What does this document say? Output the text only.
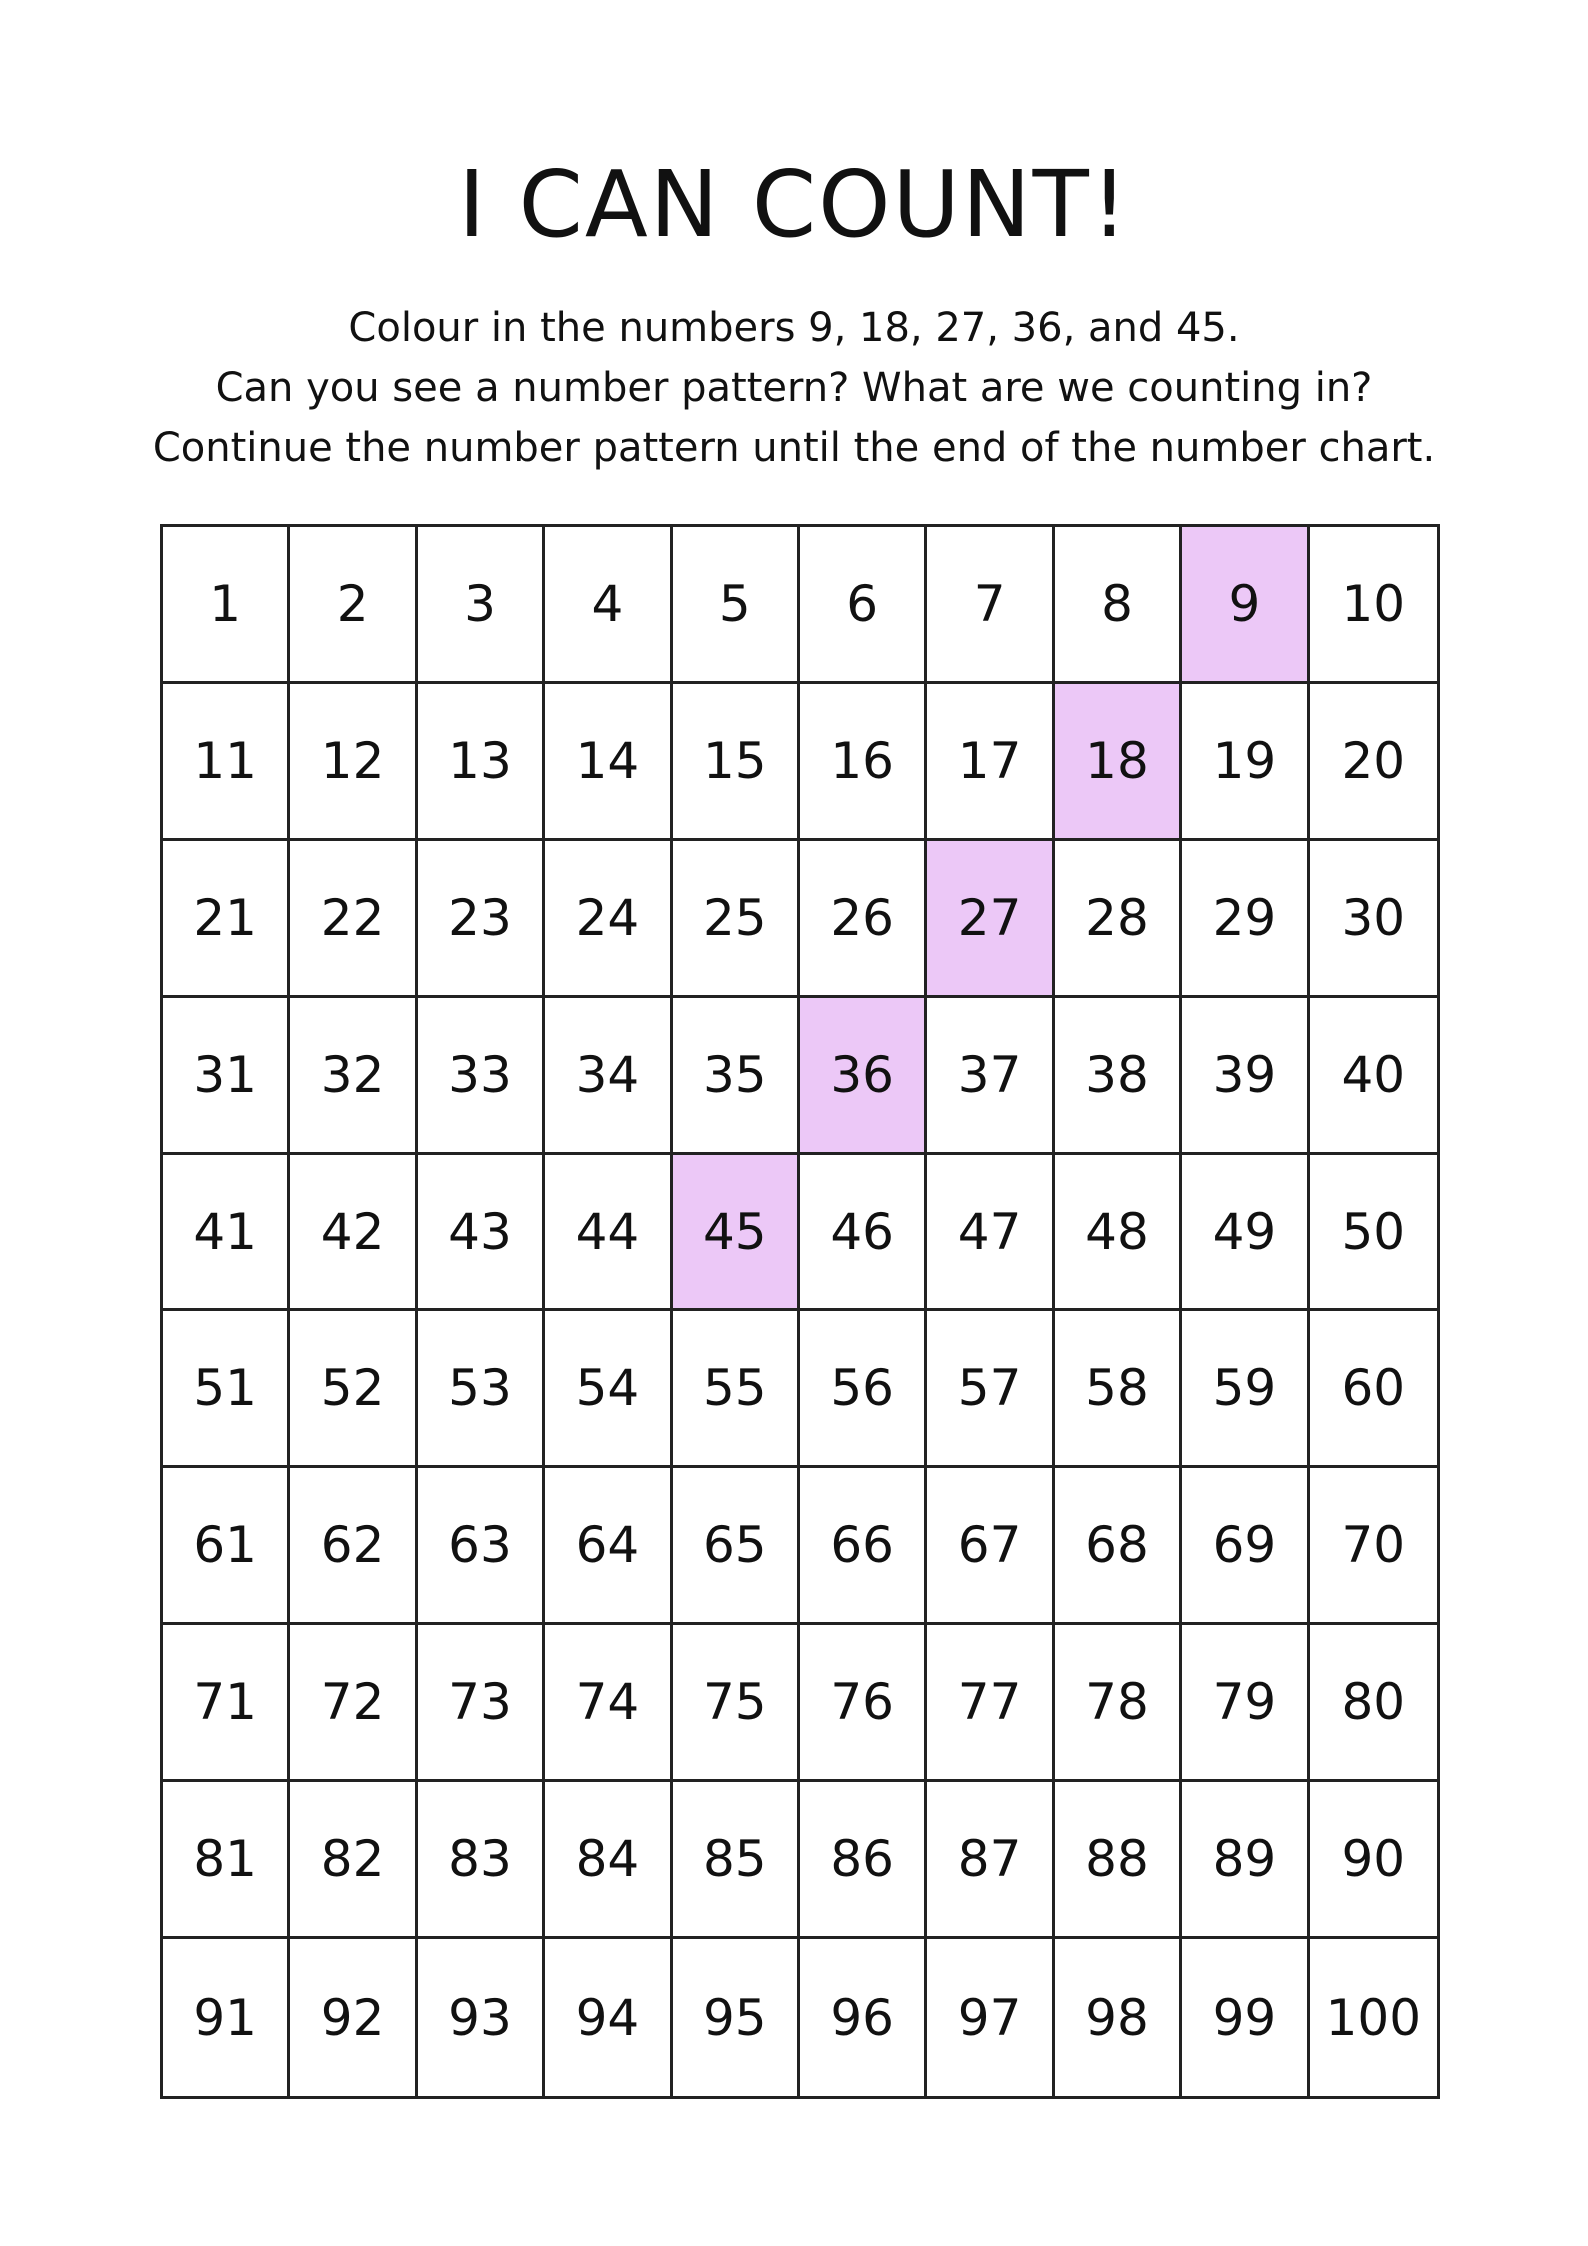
I CAN COUNT!
Colour in the numbers 9, 18, 27, 36, and 45.
Can you see a number pattern? What are we counting in?
Continue the number pattern until the end of the number chart.
1	2	3	4	5	6	7	8	9	10
11	12	13	14	15	16	17	18	19	20
21	22	23	24	25	26	27	28	29	30
31	32	33	34	35	36	37	38	39	40
41	42	43	44	45	46	47	48	49	50
51	52	53	54	55	56	57	58	59	60
61	62	63	64	65	66	67	68	69	70
71	72	73	74	75	76	77	78	79	80
81	82	83	84	85	86	87	88	89	90
91	92	93	94	95	96	97	98	99 100
